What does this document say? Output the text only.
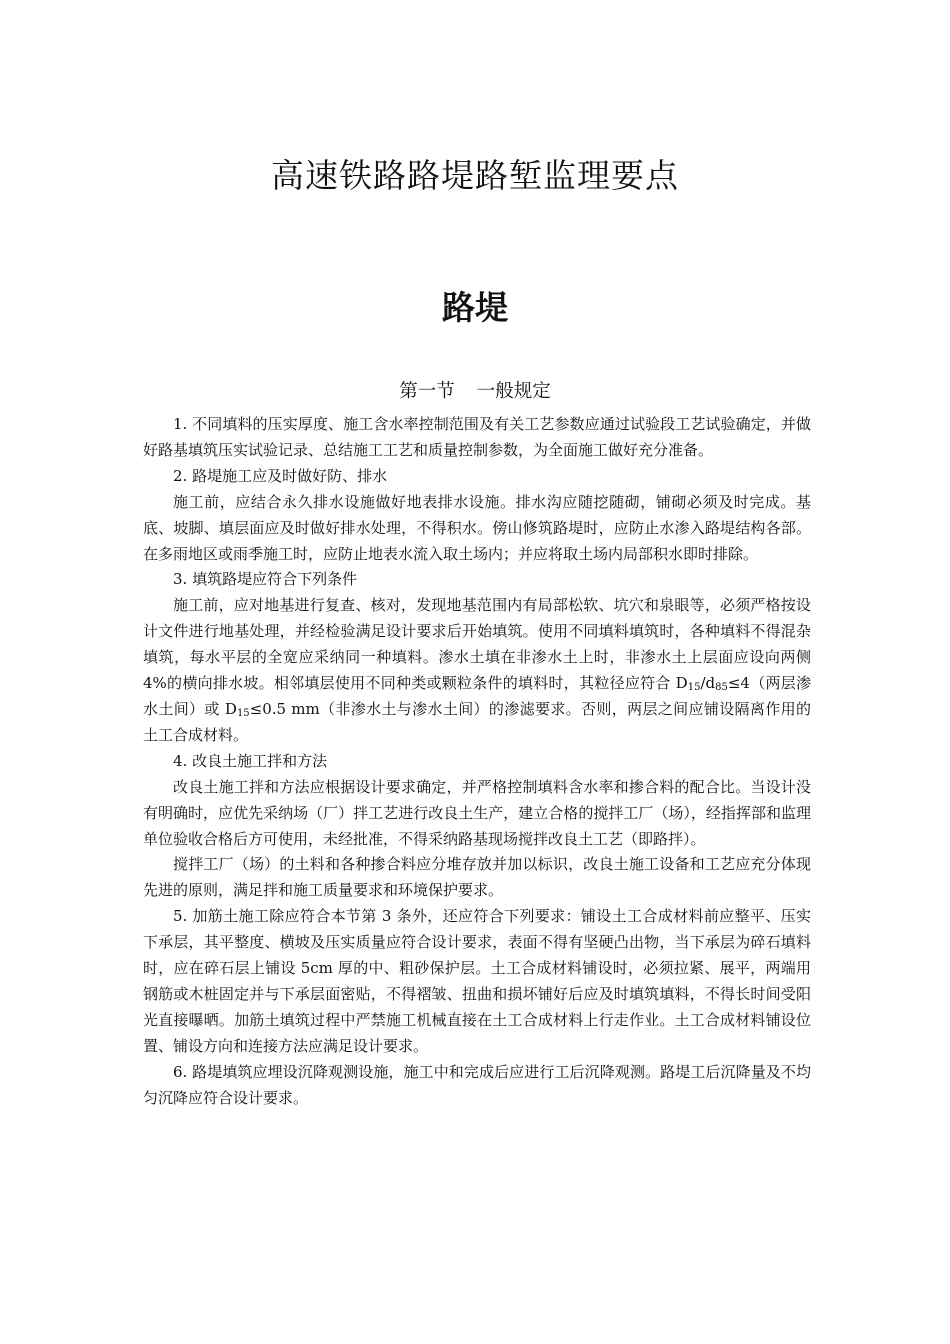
高速铁路路堤路堑监理要点
路堤
第一节 一般规定

1. 不同填料的压实厚度、施工含水率控制范围及有关工艺参数应通过试验段工艺试验确定，并做好路基填筑压实试验记录、总结施工工艺和质量控制参数，为全面施工做好充分准备。

2. 路堤施工应及时做好防、排水

施工前，应结合永久排水设施做好地表排水设施。排水沟应随挖随砌，铺砌必须及时完成。基底、坡脚、填层面应及时做好排水处理，不得积水。傍山修筑路堤时，应防止水渗入路堤结构各部。在多雨地区或雨季施工时，应防止地表水流入取土场内；并应将取土场内局部积水即时排除。

3. 填筑路堤应符合下列条件

施工前，应对地基进行复查、核对，发现地基范围内有局部松软、坑穴和泉眼等，必须严格按设计文件进行地基处理，并经检验满足设计要求后开始填筑。使用不同填料填筑时，各种填料不得混杂填筑，每水平层的全宽应采纳同一种填料。渗水土填在非渗水土上时，非渗水土上层面应设向两侧 4%的横向排水坡。相邻填层使用不同种类或颗粒条件的填料时，其粒径应符合 $D_{15}/d_{85}\le 4$（两层渗水土间）或 $D_{15}\le 0.5$ mm（非渗水土与渗水土间）的渗滤要求。否则，两层之间应铺设隔离作用的土工合成材料。

4. 改良土施工拌和方法

改良土施工拌和方法应根据设计要求确定，并严格控制填料含水率和掺合料的配合比。当设计没有明确时，应优先采纳场（厂）拌工艺进行改良土生产，建立合格的搅拌工厂（场），经指挥部和监理单位验收合格后方可使用，未经批准，不得采纳路基现场搅拌改良土工艺（即路拌）。

搅拌工厂（场）的土料和各种掺合料应分堆存放并加以标识，改良土施工设备和工艺应充分体现先进的原则，满足拌和施工质量要求和环境保护要求。

5. 加筋土施工除应符合本节第 3 条外，还应符合下列要求：铺设土工合成材料前应整平、压实下承层，其平整度、横坡及压实质量应符合设计要求，表面不得有坚硬凸出物，当下承层为碎石填料时，应在碎石层上铺设 5cm 厚的中、粗砂保护层。土工合成材料铺设时，必须拉紧、展平，两端用钢筋或木桩固定并与下承层面密贴，不得褶皱、扭曲和损坏铺好后应及时填筑填料，不得长时间受阳光直接曝晒。加筋土填筑过程中严禁施工机械直接在土工合成材料上行走作业。土工合成材料铺设位置、铺设方向和连接方法应满足设计要求。

6. 路堤填筑应埋设沉降观测设施，施工中和完成后应进行工后沉降观测。路堤工后沉降量及不均匀沉降应符合设计要求。
